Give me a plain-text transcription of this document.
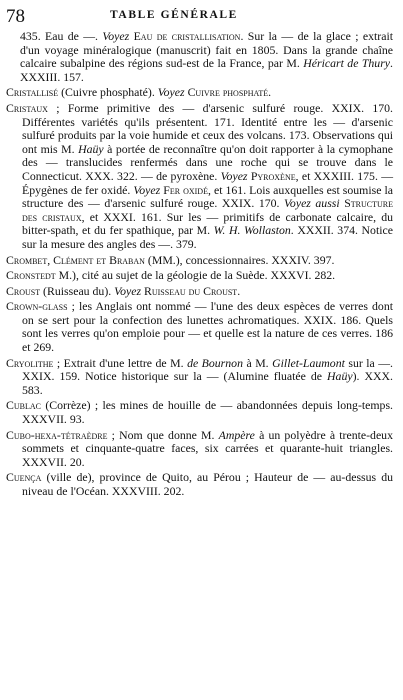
78	TABLE GÉNÉRALE

435. Eau de —. Voyez Eau de cristallisation. Sur la — de la glace ; extrait d'un voyage minéralogique (manuscrit) fait en 1805. Dans la grande chaîne calcaire subalpine des régions sud-est de la France, par M. Héricart de Thury. XXXIII. 157.

Cristallisé (Cuivre phosphaté). Voyez Cuivre phosphaté.

Cristaux ; Forme primitive des — d'arsenic sulfuré rouge. XXIX. 170. Différentes variétés qu'ils présentent. 171. Identité entre les — d'arsenic sulfuré produits par la voie humide et ceux des volcans. 173. Observations qui ont mis M. Haüy à portée de reconnaître qu'on doit rapporter à la cymophane des — translucides renfermés dans une roche qui se trouve dans le Connecticut. XXX. 322. — de pyroxène. Voyez Pyroxène, et XXXIII. 175. — Épygènes de fer oxidé. Voyez Fer oxidé, et 161. Lois auxquelles est soumise la structure des — d'arsenic sulfuré rouge. XXIX. 170. Voyez aussi Structure des cristaux, et XXXI. 161. Sur les — primitifs de carbonate calcaire, du bitter-spath, et du fer spathique, par M. W. H. Wollaston. XXXII. 374. Notice sur la mesure des angles des —. 379.

Crombet, Clément et Braban (MM.), concessionnaires. XXXIV. 397.

Cronstedt M.), cité au sujet de la géologie de la Suède. XXXVI. 282.

Croust (Ruisseau du). Voyez Ruisseau du Croust.

Crown-glass ; les Anglais ont nommé — l'une des deux espèces de verres dont on se sert pour la confection des lunettes achromatiques. XXIX. 186. Quels sont les verres qu'on emploie pour — et quelle est la nature de ces verres. 186 et 269.

Cryolithe ; Extrait d'une lettre de M. de Bournon à M. Gillet-Laumont sur la —. XXIX. 159. Notice historique sur la — (Alumine fluatée de Haüy). XXX. 583.

Cublac (Corrèze) ; les mines de houille de — abandonnées depuis long-temps. XXXVII. 93.

Cubo-hexa-tétraèdre ; Nom que donne M. Ampère à un polyèdre à trente-deux sommets et cinquante-quatre faces, six carrées et quarante-huit triangles. XXXVII. 20.

Cuença (ville de), province de Quito, au Pérou ; Hauteur de — au-dessus du niveau de l'Océan. XXXVIII. 202.
